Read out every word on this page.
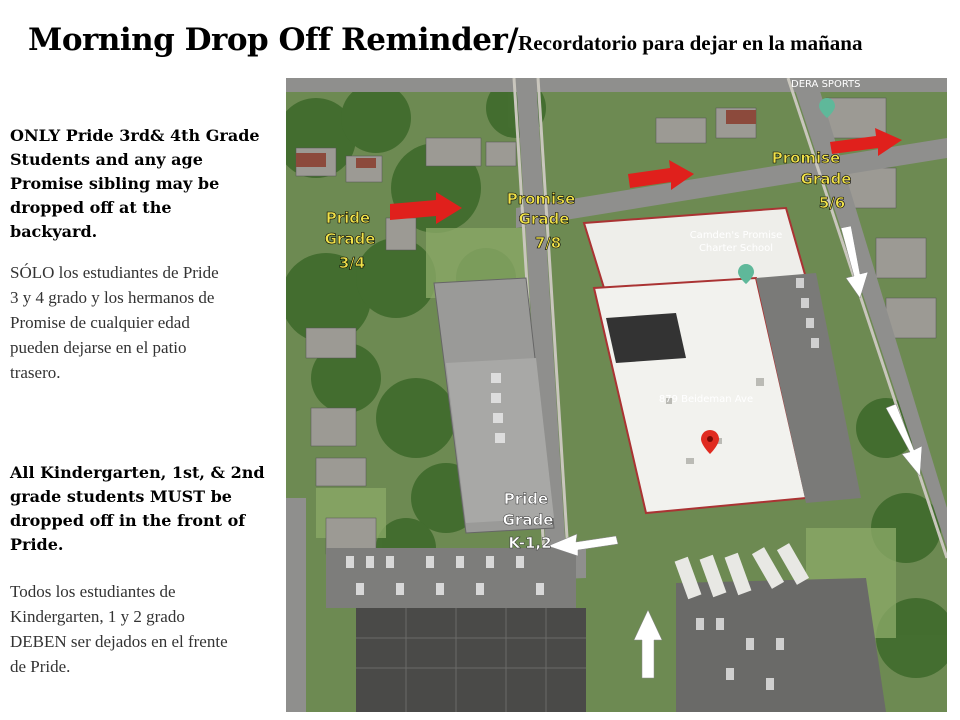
Morning Drop Off Reminder/Recordatorio para dejar en la mañana
ONLY Pride 3rd& 4th Grade
Students and any age
Promise sibling may be
dropped off at the
backyard.
SÓLO los estudiantes de Pride
3 y 4 grado y los hermanos de
Promise de cualquier edad
pueden dejarse en el patio
trasero.
All Kindergarten, 1st, & 2nd
grade students MUST be
dropped off in the front of
Pride.
Todos los estudiantes de
Kindergarten, 1 y 2 grado
DEBEN ser dejados en el frente
de Pride.
Camden's Promise
Charter School
879 Beideman Ave
DERA SPORTS
Pride
Grade
3/4
Promise
Grade
7/8
Promise
Grade
5/6
Pride
Grade
K-1,2
